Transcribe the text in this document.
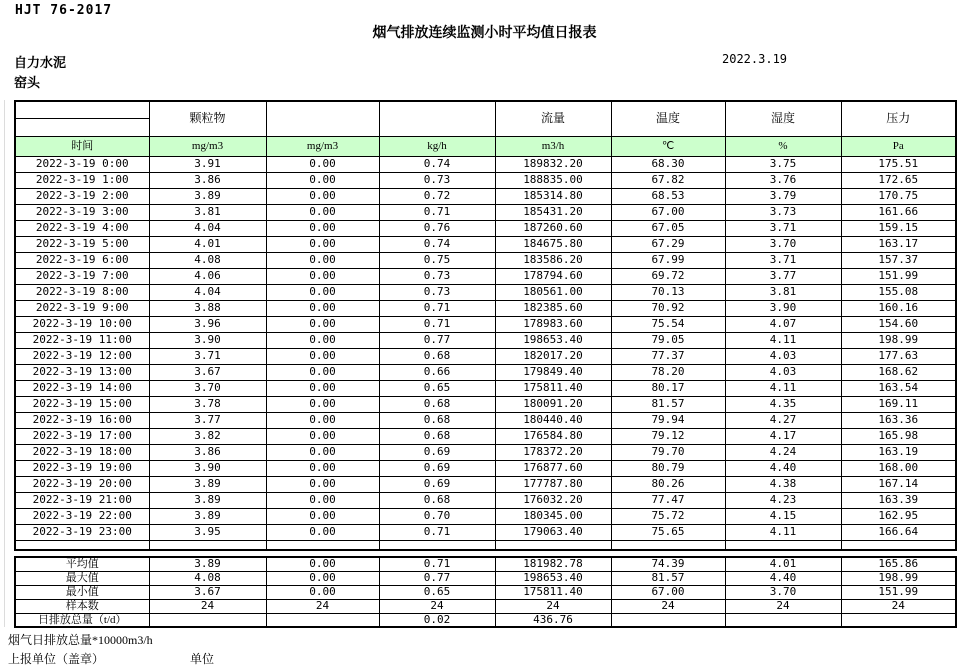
HJT 76-2017
烟气排放连续监测小时平均值日报表
自力水泥
窑头
2022.3.19
	颗粒物			流量	温度	湿度	压力
时间	mg/m3	mg/m3	kg/h	m3/h	℃	%	Pa
2022-3-19 0:00	3.91	0.00	0.74	189832.20	68.30	3.75	175.51
2022-3-19 1:00	3.86	0.00	0.73	188835.00	67.82	3.76	172.65
2022-3-19 2:00	3.89	0.00	0.72	185314.80	68.53	3.79	170.75
2022-3-19 3:00	3.81	0.00	0.71	185431.20	67.00	3.73	161.66
2022-3-19 4:00	4.04	0.00	0.76	187260.60	67.05	3.71	159.15
2022-3-19 5:00	4.01	0.00	0.74	184675.80	67.29	3.70	163.17
2022-3-19 6:00	4.08	0.00	0.75	183586.20	67.99	3.71	157.37
2022-3-19 7:00	4.06	0.00	0.73	178794.60	69.72	3.77	151.99
2022-3-19 8:00	4.04	0.00	0.73	180561.00	70.13	3.81	155.08
2022-3-19 9:00	3.88	0.00	0.71	182385.60	70.92	3.90	160.16
2022-3-19 10:00	3.96	0.00	0.71	178983.60	75.54	4.07	154.60
2022-3-19 11:00	3.90	0.00	0.77	198653.40	79.05	4.11	198.99
2022-3-19 12:00	3.71	0.00	0.68	182017.20	77.37	4.03	177.63
2022-3-19 13:00	3.67	0.00	0.66	179849.40	78.20	4.03	168.62
2022-3-19 14:00	3.70	0.00	0.65	175811.40	80.17	4.11	163.54
2022-3-19 15:00	3.78	0.00	0.68	180091.20	81.57	4.35	169.11
2022-3-19 16:00	3.77	0.00	0.68	180440.40	79.94	4.27	163.36
2022-3-19 17:00	3.82	0.00	0.68	176584.80	79.12	4.17	165.98
2022-3-19 18:00	3.86	0.00	0.69	178372.20	79.70	4.24	163.19
2022-3-19 19:00	3.90	0.00	0.69	176877.60	80.79	4.40	168.00
2022-3-19 20:00	3.89	0.00	0.69	177787.80	80.26	4.38	167.14
2022-3-19 21:00	3.89	0.00	0.68	176032.20	77.47	4.23	163.39
2022-3-19 22:00	3.89	0.00	0.70	180345.00	75.72	4.15	162.95
2022-3-19 23:00	3.95	0.00	0.71	179063.40	75.65	4.11	166.64

平均值	3.89	0.00	0.71	181982.78	74.39	4.01	165.86
最大值	4.08	0.00	0.77	198653.40	81.57	4.40	198.99
最小值	3.67	0.00	0.65	175811.40	67.00	3.70	151.99
样本数	24	24	24	24	24	24	24
日排放总量（t/d）			0.02	436.76			
烟气日排放总量*10000m3/h
上报单位（盖章）	单位
